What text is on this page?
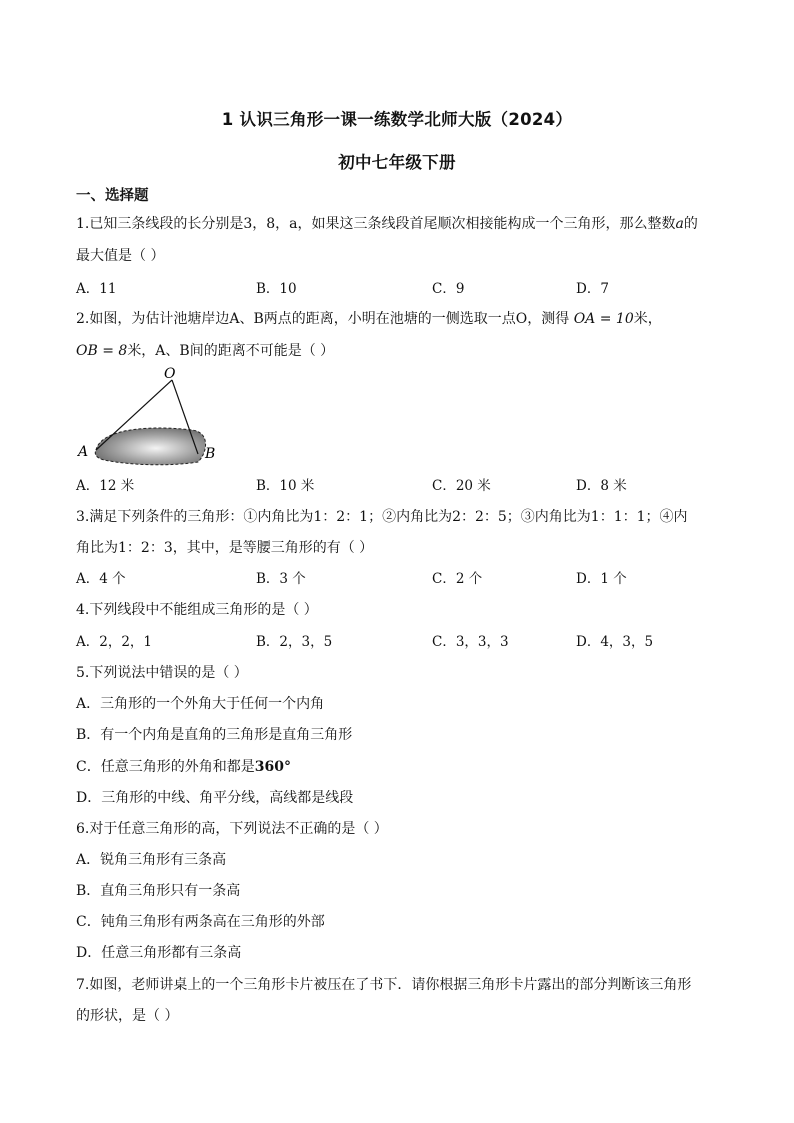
1 认识三角形一课一练数学北师大版（2024）
初中七年级下册
一、选择题
1.已知三条线段的长分别是3，8，a，如果这三条线段首尾顺次相接能构成一个三角形，那么整数a的
最大值是（ ）
A．11	B．10	C．9	D．7
2.如图，为估计池塘岸边A、B两点的距离，小明在池塘的一侧选取一点O，测得 OA = 10米，
OB = 8米，A、B间的距离不可能是（ ）
O
A	B
A．12 米	B．10 米	C．20 米	D．8 米
3.满足下列条件的三角形：①内角比为1：2：1；②内角比为2：2：5；③内角比为1：1：1；④内
角比为1：2：3，其中，是等腰三角形的有（ ）
A．4 个	B．3 个	C．2 个	D．1 个
4.下列线段中不能组成三角形的是（ ）
A．2，2，1	B．2，3，5	C．3，3，3	D．4，3，5
5.下列说法中错误的是（ ）
A．三角形的一个外角大于任何一个内角
B．有一个内角是直角的三角形是直角三角形
C．任意三角形的外角和都是360°
D．三角形的中线、角平分线，高线都是线段
6.对于任意三角形的高，下列说法不正确的是（ ）
A．锐角三角形有三条高
B．直角三角形只有一条高
C．钝角三角形有两条高在三角形的外部
D．任意三角形都有三条高
7.如图，老师讲桌上的一个三角形卡片被压在了书下．请你根据三角形卡片露出的部分判断该三角形
的形状，是（ ）
